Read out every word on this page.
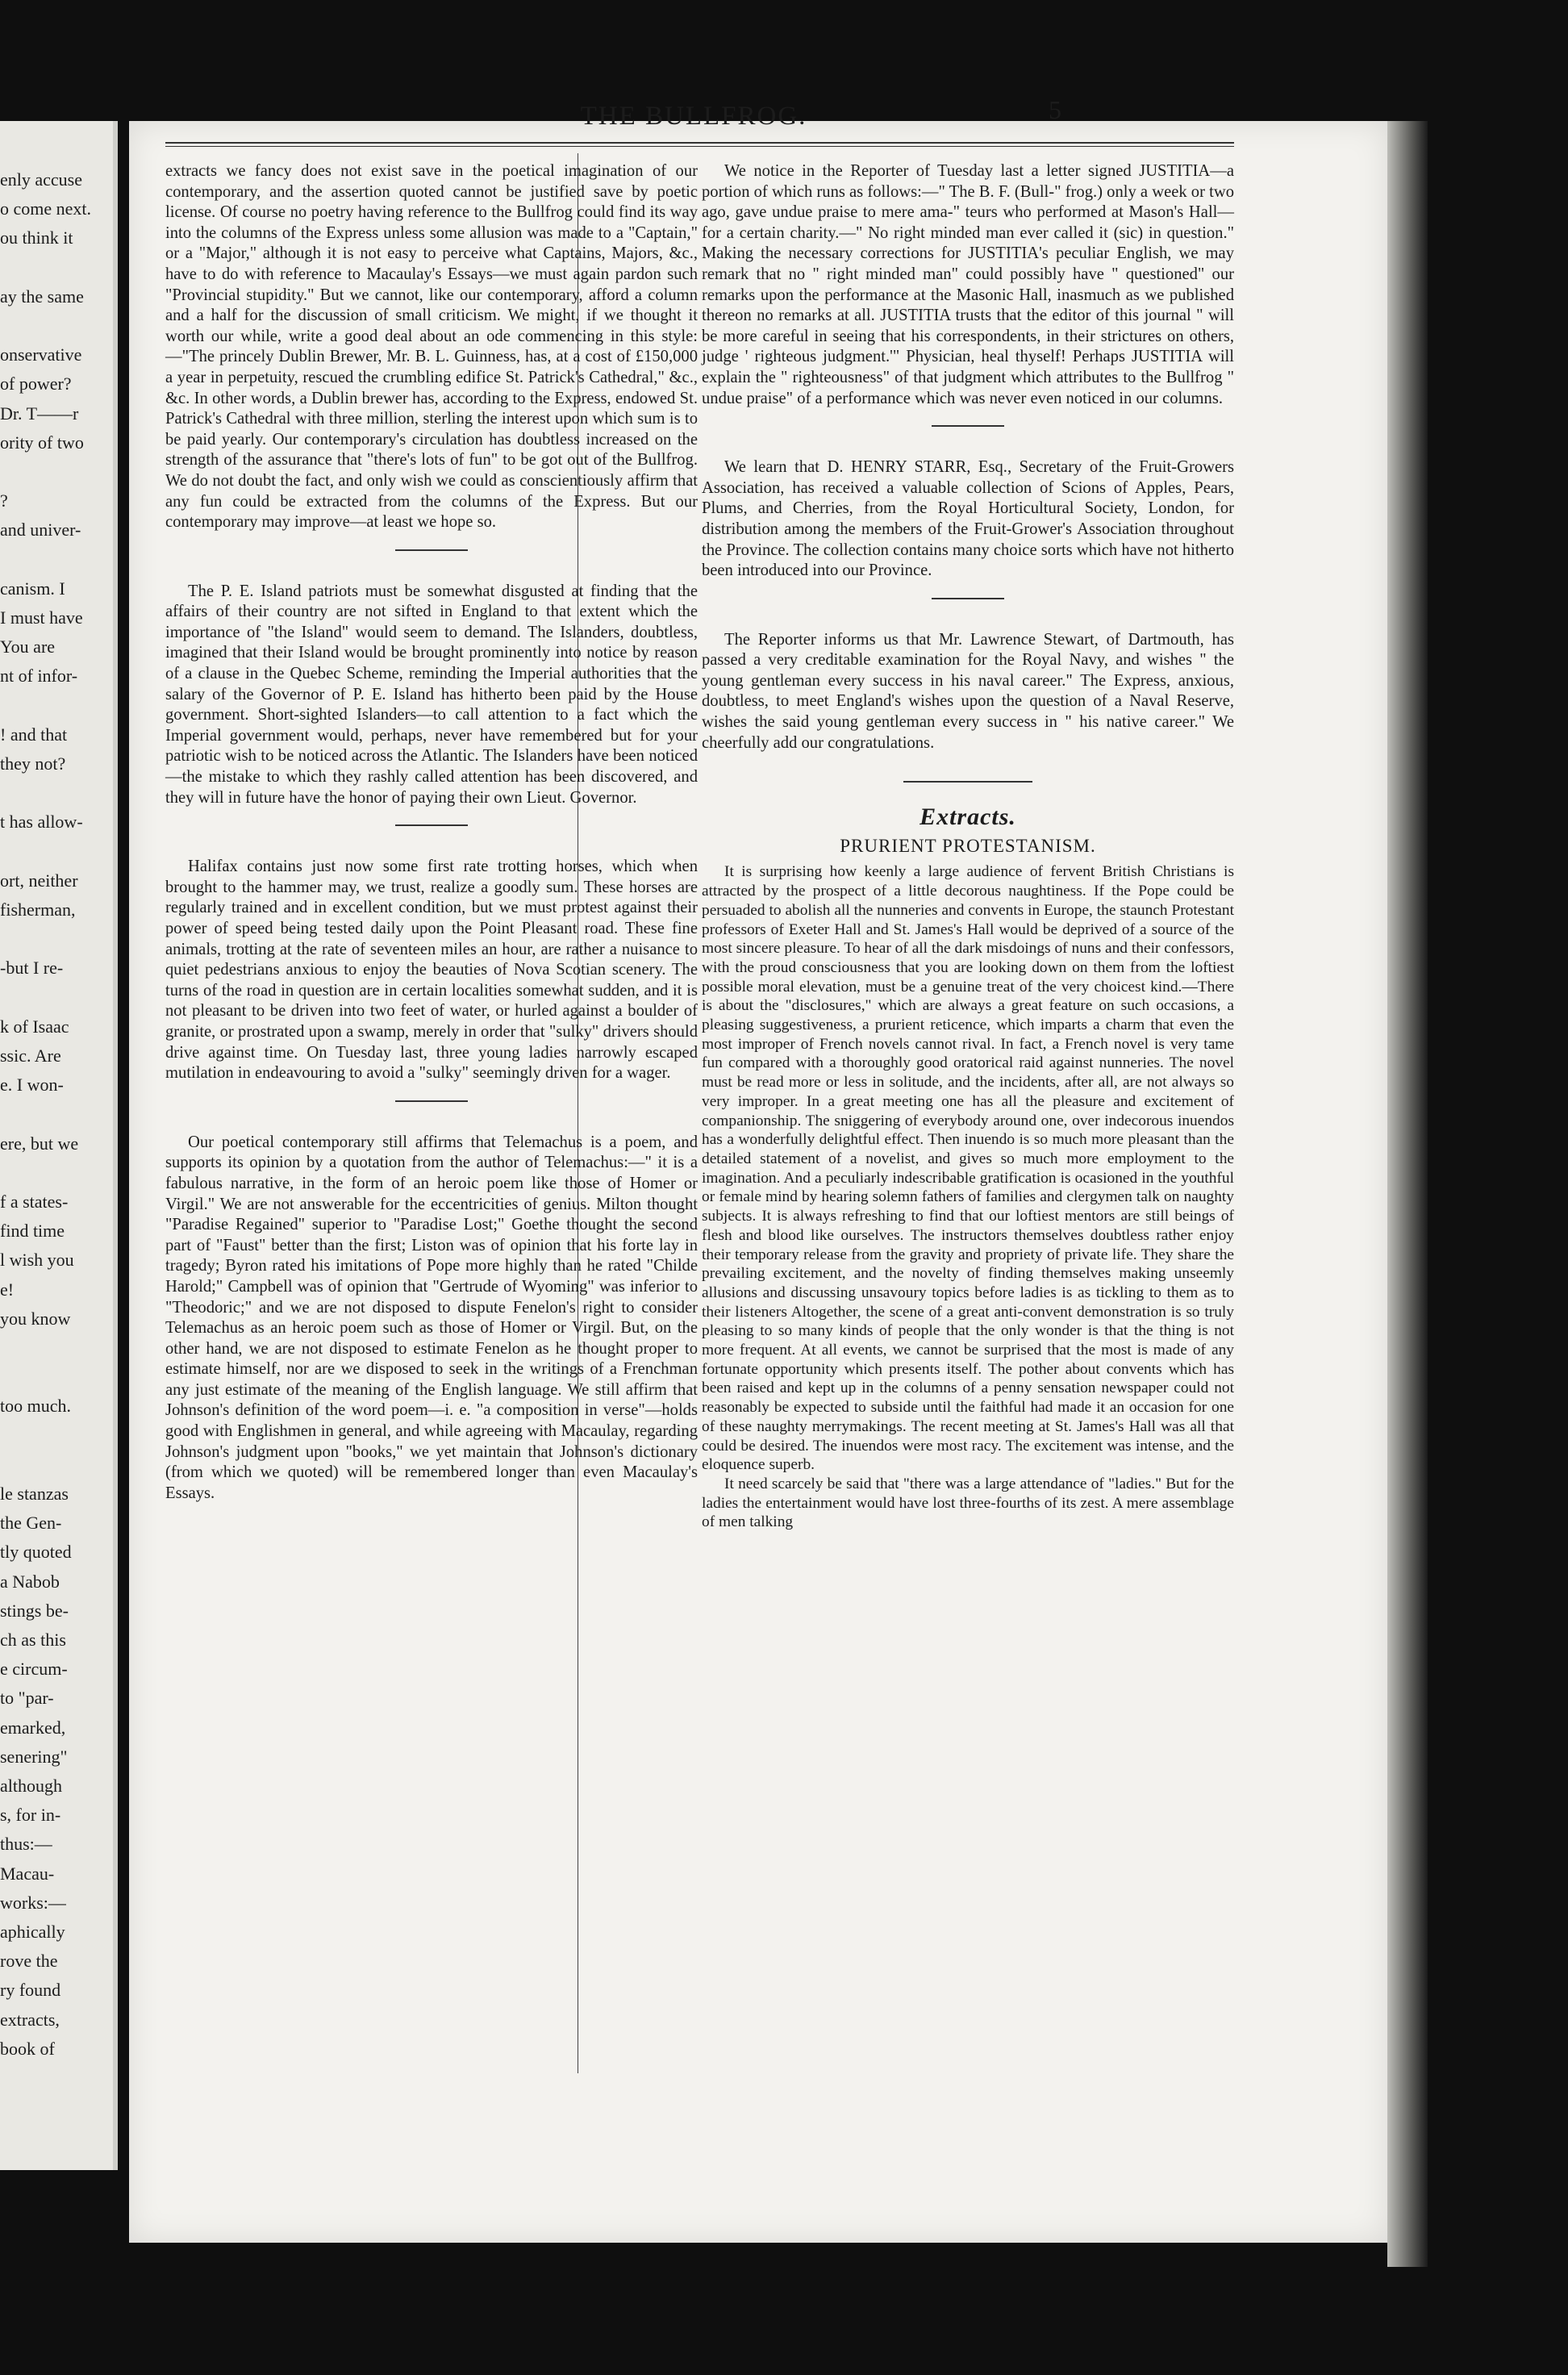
enly accuse
o come next.
ou think it
ay the same
onservative
of power?
Dr. T——r
ority of two
?
and univer-
canism. I
I must have
You are
nt of infor-
! and that
they not?
t has allow-
ort, neither
fisherman,
-but I re-
k of Isaac
ssic. Are
e. I won-
ere, but we
f a states-
find time
l wish you
e!
you know
too much.
le stanzas
the Gen-
tly quoted
a Nabob
stings be-
ch as this
e circum-
to "par-
emarked,
senering"
although
s, for in-
thus:—
Macau-
works:—
aphically
rove the
ry found
extracts,
book of
THE BULLFROG.	5

extracts we fancy does not exist save in the poetical imagination of our contemporary, and the assertion quoted cannot be justified save by poetic license. Of course no poetry having reference to the Bullfrog could find its way into the columns of the Express unless some allusion was made to a "Captain," or a "Major," although it is not easy to perceive what Captains, Majors, &c., have to do with reference to Macaulay's Essays—we must again pardon such "Provincial stupidity." But we cannot, like our contemporary, afford a column and a half for the discussion of small criticism. We might, if we thought it worth our while, write a good deal about an ode commencing in this style:—"The princely Dublin Brewer, Mr. B. L. Guinness, has, at a cost of £150,000 a year in perpetuity, rescued the crumbling edifice St. Patrick's Cathedral," &c., &c. In other words, a Dublin brewer has, according to the Express, endowed St. Patrick's Cathedral with three million, sterling the interest upon which sum is to be paid yearly. Our contemporary's circulation has doubtless increased on the strength of the assurance that "there's lots of fun" to be got out of the Bullfrog. We do not doubt the fact, and only wish we could as conscientiously affirm that any fun could be extracted from the columns of the Express. But our contemporary may improve—at least we hope so.

The P. E. Island patriots must be somewhat disgusted at finding that the affairs of their country are not sifted in England to that extent which the importance of "the Island" would seem to demand. The Islanders, doubtless, imagined that their Island would be brought prominently into notice by reason of a clause in the Quebec Scheme, reminding the Imperial authorities that the salary of the Governor of P. E. Island has hitherto been paid by the House government. Short-sighted Islanders—to call attention to a fact which the Imperial government would, perhaps, never have remembered but for your patriotic wish to be noticed across the Atlantic. The Islanders have been noticed—the mistake to which they rashly called attention has been discovered, and they will in future have the honor of paying their own Lieut. Governor.

Halifax contains just now some first rate trotting horses, which when brought to the hammer may, we trust, realize a goodly sum. These horses are regularly trained and in excellent condition, but we must protest against their power of speed being tested daily upon the Point Pleasant road. These fine animals, trotting at the rate of seventeen miles an hour, are rather a nuisance to quiet pedestrians anxious to enjoy the beauties of Nova Scotian scenery. The turns of the road in question are in certain localities somewhat sudden, and it is not pleasant to be driven into two feet of water, or hurled against a boulder of granite, or prostrated upon a swamp, merely in order that "sulky" drivers should drive against time. On Tuesday last, three young ladies narrowly escaped mutilation in endeavouring to avoid a "sulky" seemingly driven for a wager.

Our poetical contemporary still affirms that Telemachus is a poem, and supports its opinion by a quotation from the author of Telemachus:—" it is a fabulous narrative, in the form of an heroic poem like those of Homer or Virgil." We are not answerable for the eccentricities of genius. Milton thought "Paradise Regained" superior to "Paradise Lost;" Goethe thought the second part of "Faust" better than the first; Liston was of opinion that his forte lay in tragedy; Byron rated his imitations of Pope more highly than he rated "Childe Harold;" Campbell was of opinion that "Gertrude of Wyoming" was inferior to "Theodoric;" and we are not disposed to dispute Fenelon's right to consider Telemachus as an heroic poem such as those of Homer or Virgil. But, on the other hand, we are not disposed to estimate Fenelon as he thought proper to estimate himself, nor are we disposed to seek in the writings of a Frenchman any just estimate of the meaning of the English language. We still affirm that Johnson's definition of the word poem—i. e. "a composition in verse"—holds good with Englishmen in general, and while agreeing with Macaulay, regarding Johnson's judgment upon "books," we yet maintain that Johnson's dictionary (from which we quoted) will be remembered longer than even Macaulay's Essays.

We notice in the Reporter of Tuesday last a letter signed JUSTITIA—a portion of which runs as follows:—" The B. F. (Bull-" frog.) only a week or two ago, gave undue praise to mere ama-" teurs who performed at Mason's Hall—for a certain charity.—" No right minded man ever called it (sic) in question." Making the necessary corrections for JUSTITIA's peculiar English, we may remark that no " right minded man" could possibly have " questioned" our remarks upon the performance at the Masonic Hall, inasmuch as we published thereon no remarks at all. JUSTITIA trusts that the editor of this journal " will be more careful in seeing that his correspondents, in their strictures on others, judge ' righteous judgment.'" Physician, heal thyself! Perhaps JUSTITIA will explain the " righteousness" of that judgment which attributes to the Bullfrog " undue praise" of a performance which was never even noticed in our columns.

We learn that D. HENRY STARR, Esq., Secretary of the Fruit-Growers Association, has received a valuable collection of Scions of Apples, Pears, Plums, and Cherries, from the Royal Horticultural Society, London, for distribution among the members of the Fruit-Grower's Association throughout the Province. The collection contains many choice sorts which have not hitherto been introduced into our Province.

The Reporter informs us that Mr. Lawrence Stewart, of Dartmouth, has passed a very creditable examination for the Royal Navy, and wishes " the young gentleman every success in his naval career." The Express, anxious, doubtless, to meet England's wishes upon the question of a Naval Reserve, wishes the said young gentleman every success in " his native career." We cheerfully add our congratulations.

Extracts.
PRURIENT PROTESTANISM.

It is surprising how keenly a large audience of fervent British Christians is attracted by the prospect of a little decorous naughtiness. If the Pope could be persuaded to abolish all the nunneries and convents in Europe, the staunch Protestant professors of Exeter Hall and St. James's Hall would be deprived of a source of the most sincere pleasure. To hear of all the dark misdoings of nuns and their confessors, with the proud consciousness that you are looking down on them from the loftiest possible moral elevation, must be a genuine treat of the very choicest kind.—There is about the "disclosures," which are always a great feature on such occasions, a pleasing suggestiveness, a prurient reticence, which imparts a charm that even the most improper of French novels cannot rival. In fact, a French novel is very tame fun compared with a thoroughly good oratorical raid against nunneries. The novel must be read more or less in solitude, and the incidents, after all, are not always so very improper. In a great meeting one has all the pleasure and excitement of companionship. The sniggering of everybody around one, over indecorous inuendos has a wonderfully delightful effect. Then inuendo is so much more pleasant than the detailed statement of a novelist, and gives so much more employment to the imagination. And a peculiarly indescribable gratification is ocasioned in the youthful or female mind by hearing solemn fathers of families and clergymen talk on naughty subjects. It is always refreshing to find that our loftiest mentors are still beings of flesh and blood like ourselves. The instructors themselves doubtless rather enjoy their temporary release from the gravity and propriety of private life. They share the prevailing excitement, and the novelty of finding themselves making unseemly allusions and discussing unsavoury topics before ladies is as tickling to them as to their listeners Altogether, the scene of a great anti-convent demonstration is so truly pleasing to so many kinds of people that the only wonder is that the thing is not more frequent. At all events, we cannot be surprised that the most is made of any fortunate opportunity which presents itself. The pother about convents which has been raised and kept up in the columns of a penny sensation newspaper could not reasonably be expected to subside until the faithful had made it an occasion for one of these naughty merrymakings. The recent meeting at St. James's Hall was all that could be desired. The inuendos were most racy. The excitement was intense, and the eloquence superb.

It need scarcely be said that "there was a large attendance of "ladies." But for the ladies the entertainment would have lost three-fourths of its zest. A mere assemblage of men talking
